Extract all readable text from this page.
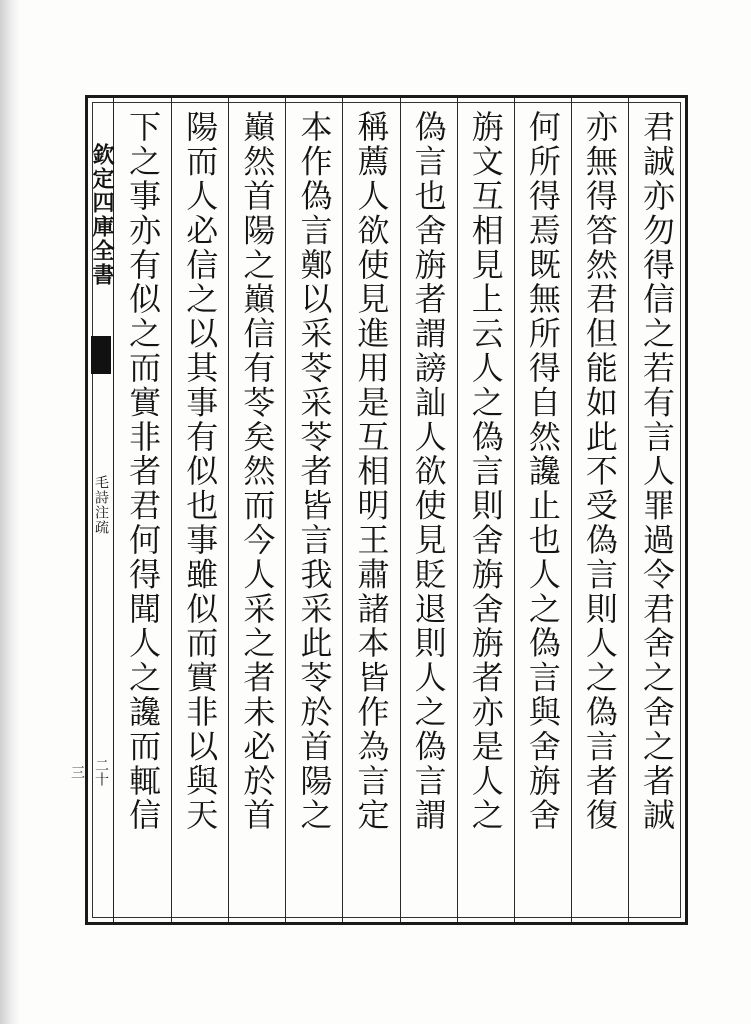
欽定四庫全書
毛詩注疏
二十三	君誠亦勿得信之若有言人罪過令君舍之舍之者誠
亦無得答然君但能如此不受偽言則人之偽言者復
何所得焉既無所得自然讒止也人之偽言與舍旃舍
旃文互相見上云人之偽言則舍旃舍旃者亦是人之
偽言也舍旃者謂謗訕人欲使見貶退則人之偽言謂
稱薦人欲使見進用是互相明王肅諸本皆作為言定
本作偽言鄭以采苓采苓者皆言我采此苓於首陽之
巔然首陽之巔信有苓矣然而今人采之者未必於首
陽而人必信之以其事有似也事雖似而實非以與天
下之事亦有似之而實非者君何得聞人之讒而輒信
